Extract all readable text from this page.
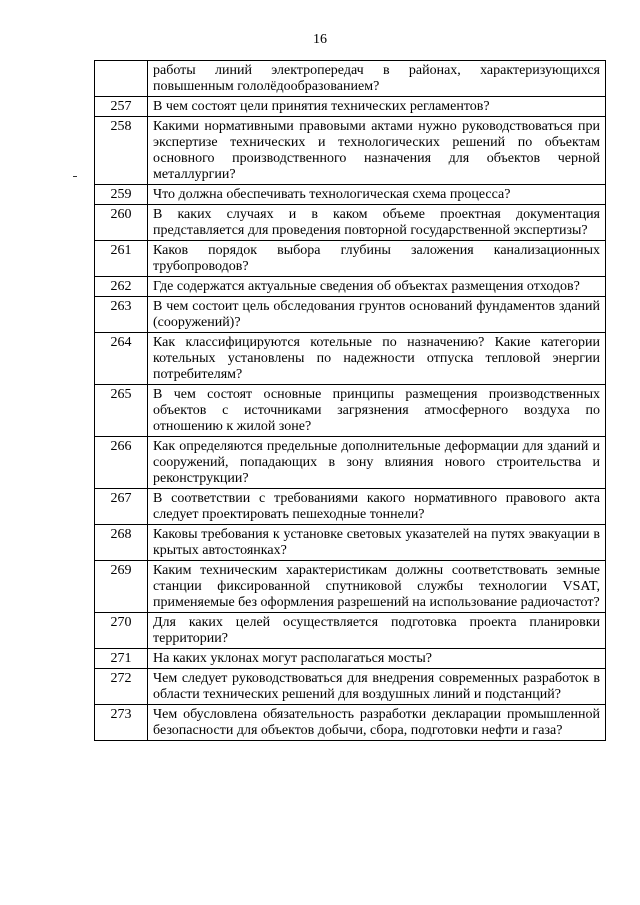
16
	работы линий электропередач в районах, характеризующихся повышенным гололёдообразованием?
257	В чем состоят цели принятия технических регламентов?
258	Какими нормативными правовыми актами нужно руководствоваться при экспертизе технических и технологических решений по объектам основного производственного назначения для объектов черной металлургии?
259	Что должна обеспечивать технологическая схема процесса?
260	В каких случаях и в каком объеме проектная документация представляется для проведения повторной государственной экспертизы?
261	Каков порядок выбора глубины заложения канализационных трубопроводов?
262	Где содержатся актуальные сведения об объектах размещения отходов?
263	В чем состоит цель обследования грунтов оснований фундаментов зданий (сооружений)?
264	Как классифицируются котельные по назначению? Какие категории котельных установлены по надежности отпуска тепловой энергии потребителям?
265	В чем состоят основные принципы размещения производственных объектов с источниками загрязнения атмосферного воздуха по отношению к жилой зоне?
266	Как определяются предельные дополнительные деформации для зданий и сооружений, попадающих в зону влияния нового строительства и реконструкции?
267	В соответствии с требованиями какого нормативного правового акта следует проектировать пешеходные тоннели?
268	Каковы требования к установке световых указателей на путях эвакуации в крытых автостоянках?
269	Каким техническим характеристикам должны соответствовать земные станции фиксированной спутниковой службы технологии VSAT, применяемые без оформления разрешений на использование радиочастот?
270	Для каких целей осуществляется подготовка проекта планировки территории?
271	На каких уклонах могут располагаться мосты?
272	Чем следует руководствоваться для внедрения современных разработок в области технических решений для воздушных линий и подстанций?
273	Чем обусловлена обязательность разработки декларации промышленной безопасности для объектов добычи, сбора, подготовки нефти и газа?
